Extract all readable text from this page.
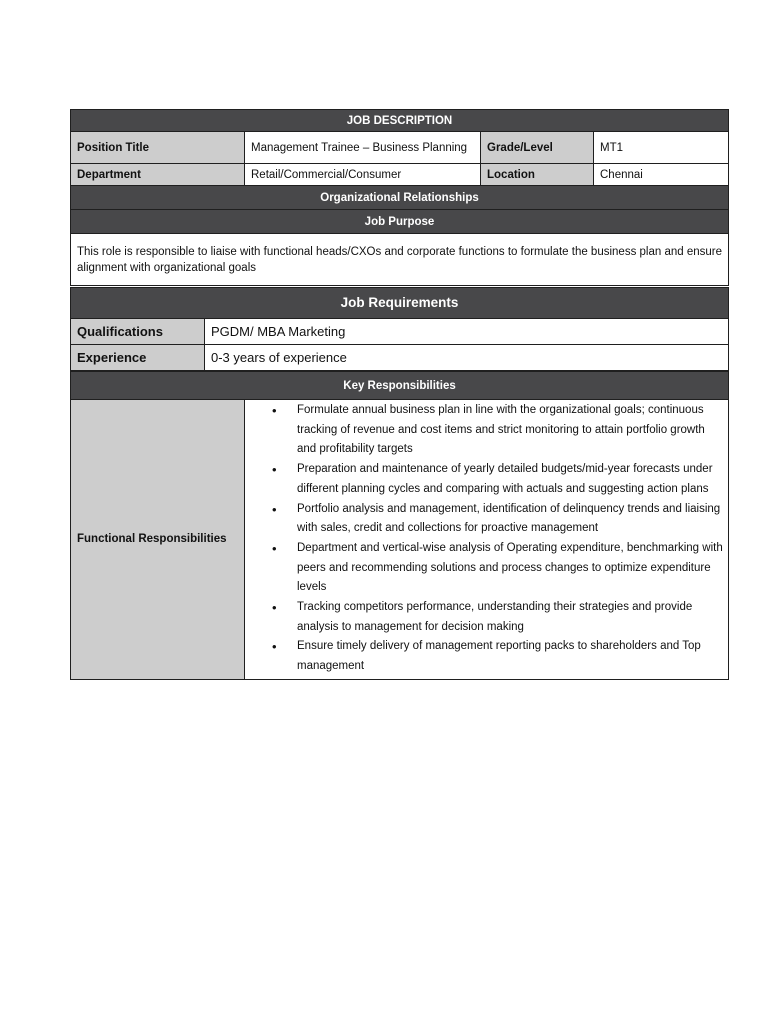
JOB DESCRIPTION			
Position Title	Management Trainee – Business Planning	Grade/Level	MT1
Department	Retail/Commercial/Consumer	Location	Chennai
Organizational Relationships			
Job Purpose			
This role is responsible to liaise with functional heads/CXOs and corporate functions to formulate the business plan and ensure alignment with organizational goals			
Job Requirements	
Qualifications	PGDM/ MBA Marketing
Experience	0-3 years of experience
Key Responsibilities
Functional Responsibilities	
• Formulate annual business plan in line with the organizational goals; continuous tracking of revenue and cost items and strict monitoring to attain portfolio growth and profitability targets
• Preparation and maintenance of yearly detailed budgets/mid-year forecasts under different planning cycles and comparing with actuals and suggesting action plans
• Portfolio analysis and management, identification of delinquency trends and liaising with sales, credit and collections for proactive management
• Department and vertical-wise analysis of Operating expenditure, benchmarking with peers and recommending solutions and process changes to optimize expenditure levels
• Tracking competitors performance, understanding their strategies and provide analysis to management for decision making
• Ensure timely delivery of management reporting packs to shareholders and Top management
